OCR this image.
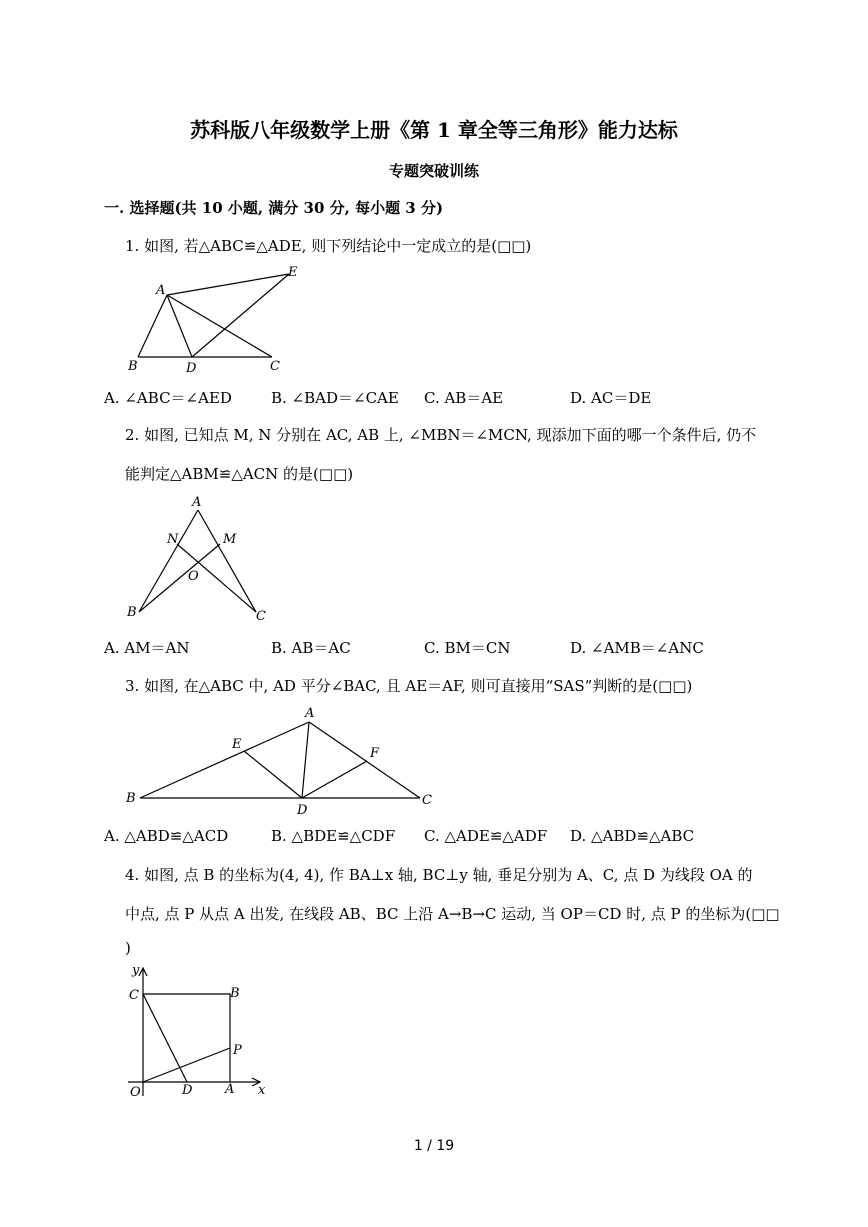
苏科版八年级数学上册《第 1 章全等三角形》能力达标
专题突破训练
一. 选择题(共 10 小题, 满分 30 分, 每小题 3 分)
1. 如图, 若△ABC≌△ADE, 则下列结论中一定成立的是(□□)
A
B	C
D
E
A. ∠ABC＝∠AED	B. ∠BAD＝∠CAE C. AB＝AE	D. AC＝DE
2. 如图, 已知点 M, N 分别在 AC, AB 上, ∠MBN＝∠MCN, 现添加下面的哪一个条件后, 仍不
能判定△ABM≌△ACN 的是(□□)
A
N	M
O
B	C
A. AM＝AN	B. AB＝AC	C. BM＝CN	D. ∠AMB＝∠ANC
3. 如图, 在△ABC 中, AD 平分∠BAC, 且 AE＝AF, 则可直接用“SAS”判断的是(□□)
A
E
F
B
D
C
A. △ABD≌△ACD	B. △BDE≌△CDF C. △ADE≌△ADF D. △ABD≌△ABC
4. 如图, 点 B 的坐标为(4, 4), 作 BA⊥x 轴, BC⊥y 轴, 垂足分别为 A、C, 点 D 为线段 OA 的
中点, 点 P 从点 A 出发, 在线段 AB、BC 上沿 A→B→C 运动, 当 OP＝CD 时, 点 P 的坐标为(□□
)
y
x
C	B
P
O	D	A
1 / 19
